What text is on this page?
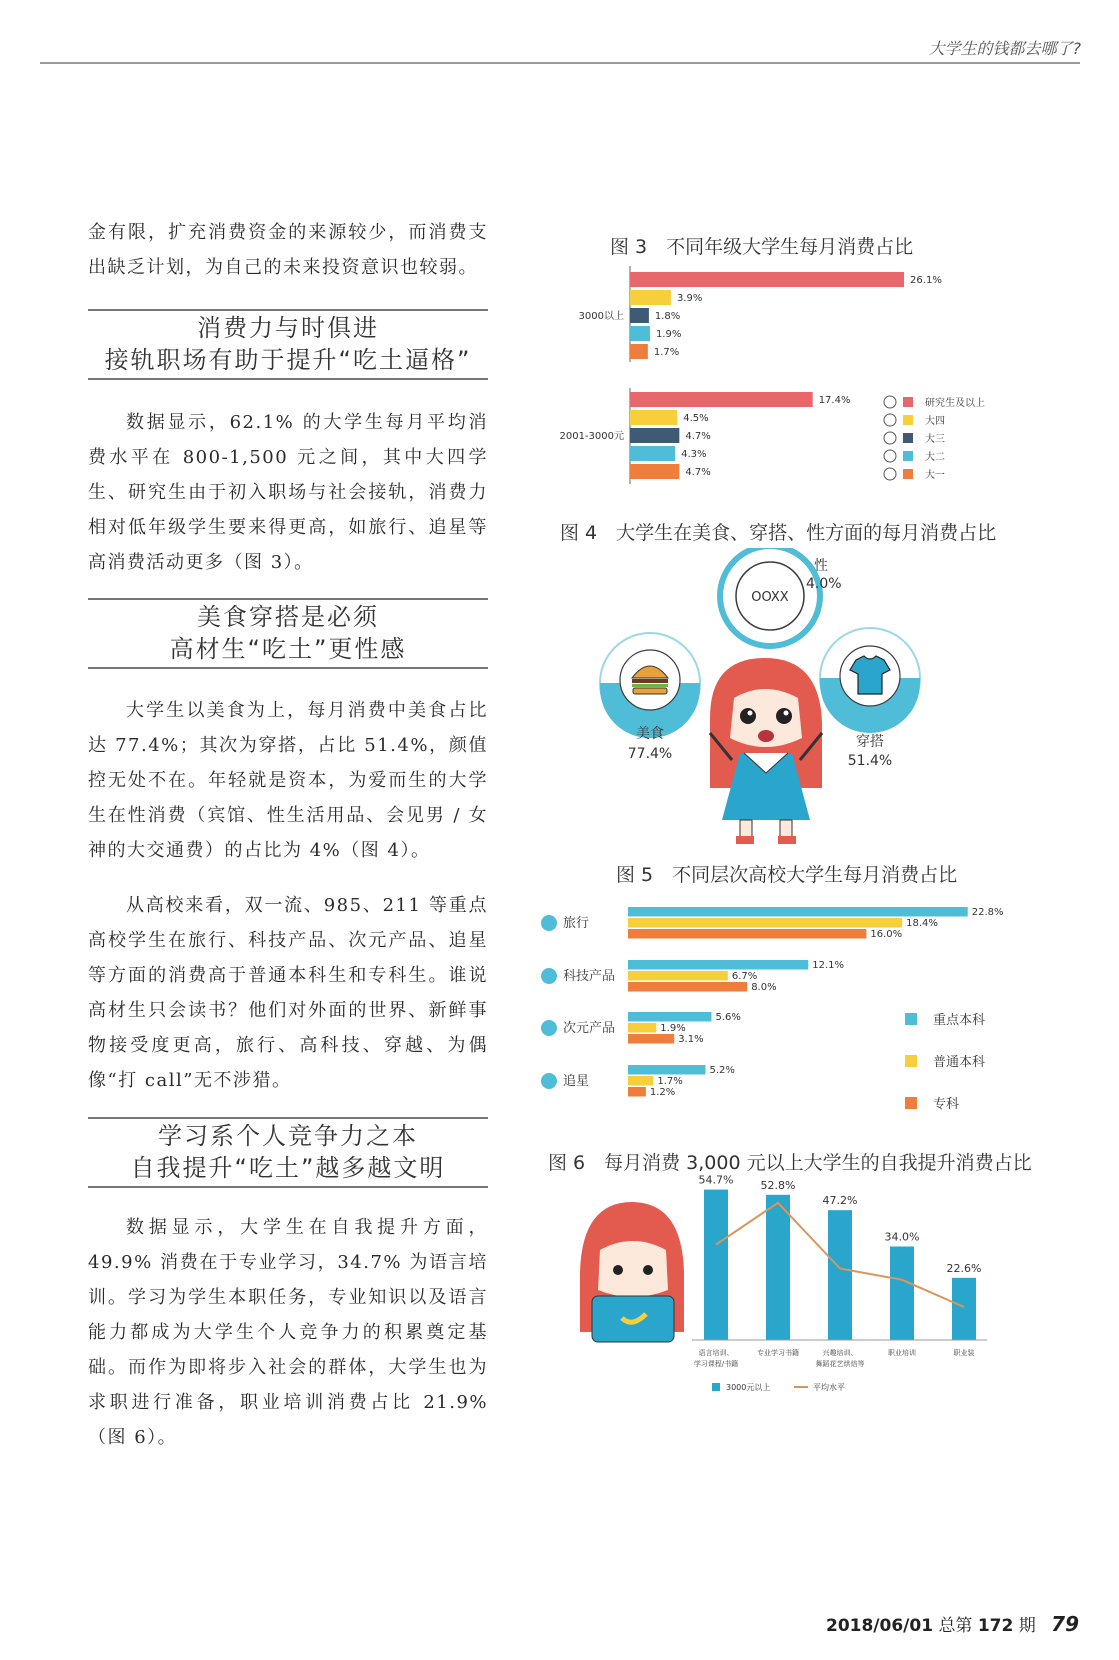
大学生的钱都去哪了?
金有限，扩充消费资金的来源较少，而消费支出缺乏计划，为自己的未来投资意识也较弱。
消费力与时俱进
接轨职场有助于提升“吃土逼格”
数据显示，62.1% 的大学生每月平均消费水平在 800-1,500 元之间，其中大四学生、研究生由于初入职场与社会接轨，消费力相对低年级学生要来得更高，如旅行、追星等高消费活动更多（图 3）。
美食穿搭是必须
高材生“吃土”更性感
大学生以美食为上，每月消费中美食占比达 77.4%；其次为穿搭，占比 51.4%，颜值控无处不在。年轻就是资本，为爱而生的大学生在性消费（宾馆、性生活用品、会见男 / 女神的大交通费）的占比为 4%（图 4）。
从高校来看，双一流、985、211 等重点高校学生在旅行、科技产品、次元产品、追星等方面的消费高于普通本科生和专科生。谁说高材生只会读书？他们对外面的世界、新鲜事物接受度更高，旅行、高科技、穿越、为偶像“打 call”无不涉猎。
学习系个人竞争力之本
自我提升“吃土”越多越文明
数据显示，大学生在自我提升方面，49.9% 消费在于专业学习，34.7% 为语言培训。学习为学生本职任务，专业知识以及语言能力都成为大学生个人竞争力的积累奠定基础。而作为即将步入社会的群体，大学生也为求职进行准备，职业培训消费占比 21.9%（图 6）。
图 3　不同年级大学生每月消费占比
图 4　大学生在美食、穿搭、性方面的每月消费占比
图 5　不同层次高校大学生每月消费占比
图 6　每月消费 3,000 元以上大学生的自我提升消费占比
26.1%
3.9%
1.8%
1.9%
1.7%
3000以上
17.4%
4.5%
4.7%
4.3%
4.7%
2001-3000元
研究生及以上
大四
大三
大二
大一
OOXX
性
4.0%
美食
77.4%
穿搭
51.4%
22.8%
18.4%
16.0%
旅行
12.1%
6.7%
8.0%
科技产品
5.6%
1.9%
3.1%
次元产品
5.2%
1.7%
1.2%
追星
重点本科
普通本科
专科
54.7%
语言培训、
学习课程/书籍
52.8%
专业学习书籍
47.2%
兴趣培训、
舞蹈花艺烘焙等
34.0%
职业培训
22.6%
职业装
3000元以上	平均水平
2018/06/01 总第 172 期 79
